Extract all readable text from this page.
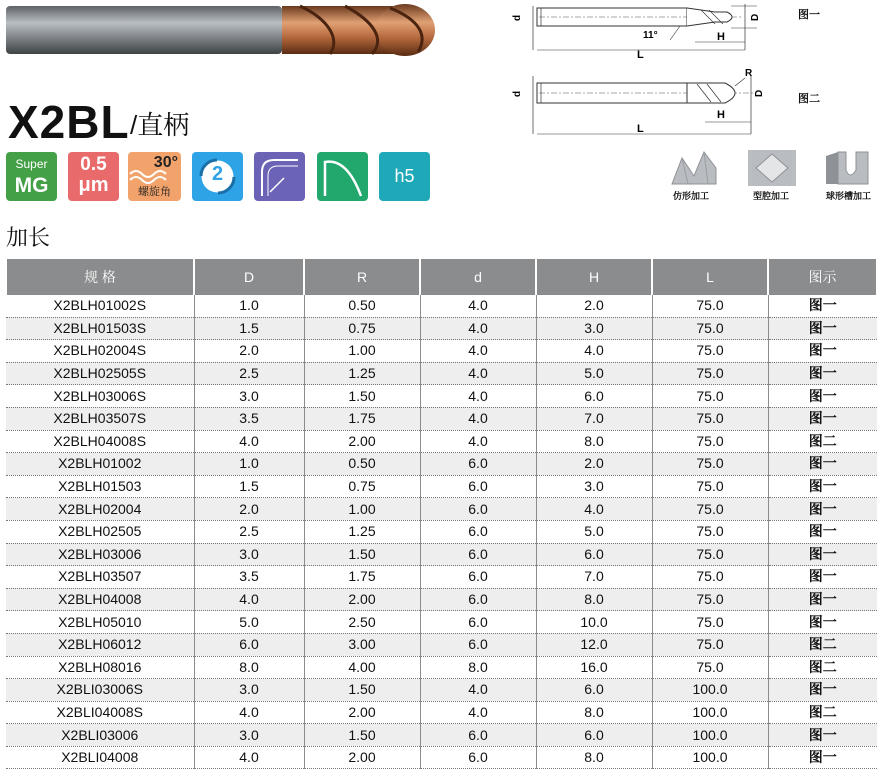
X2BL /直柄
Super
MG
0.5
μm
30°
螺旋角
2	h5
d	D
H
L
11°
图一
d	D
R
H
L
图二
仿形加工	型腔加工	球形槽加工
加长
规 格	D	R	d	H	L	图示
X2BLH01002S	1.0	0.50	4.0	2.0	75.0	图一
X2BLH01503S	1.5	0.75	4.0	3.0	75.0	图一
X2BLH02004S	2.0	1.00	4.0	4.0	75.0	图一
X2BLH02505S	2.5	1.25	4.0	5.0	75.0	图一
X2BLH03006S	3.0	1.50	4.0	6.0	75.0	图一
X2BLH03507S	3.5	1.75	4.0	7.0	75.0	图一
X2BLH04008S	4.0	2.00	4.0	8.0	75.0	图二
X2BLH01002	1.0	0.50	6.0	2.0	75.0	图一
X2BLH01503	1.5	0.75	6.0	3.0	75.0	图一
X2BLH02004	2.0	1.00	6.0	4.0	75.0	图一
X2BLH02505	2.5	1.25	6.0	5.0	75.0	图一
X2BLH03006	3.0	1.50	6.0	6.0	75.0	图一
X2BLH03507	3.5	1.75	6.0	7.0	75.0	图一
X2BLH04008	4.0	2.00	6.0	8.0	75.0	图一
X2BLH05010	5.0	2.50	6.0	10.0	75.0	图一
X2BLH06012	6.0	3.00	6.0	12.0	75.0	图二
X2BLH08016	8.0	4.00	8.0	16.0	75.0	图二
X2BLI03006S	3.0	1.50	4.0	6.0	100.0	图一
X2BLI04008S	4.0	2.00	4.0	8.0	100.0	图二
X2BLI03006	3.0	1.50	6.0	6.0	100.0	图一
X2BLI04008	4.0	2.00	6.0	8.0	100.0	图一
